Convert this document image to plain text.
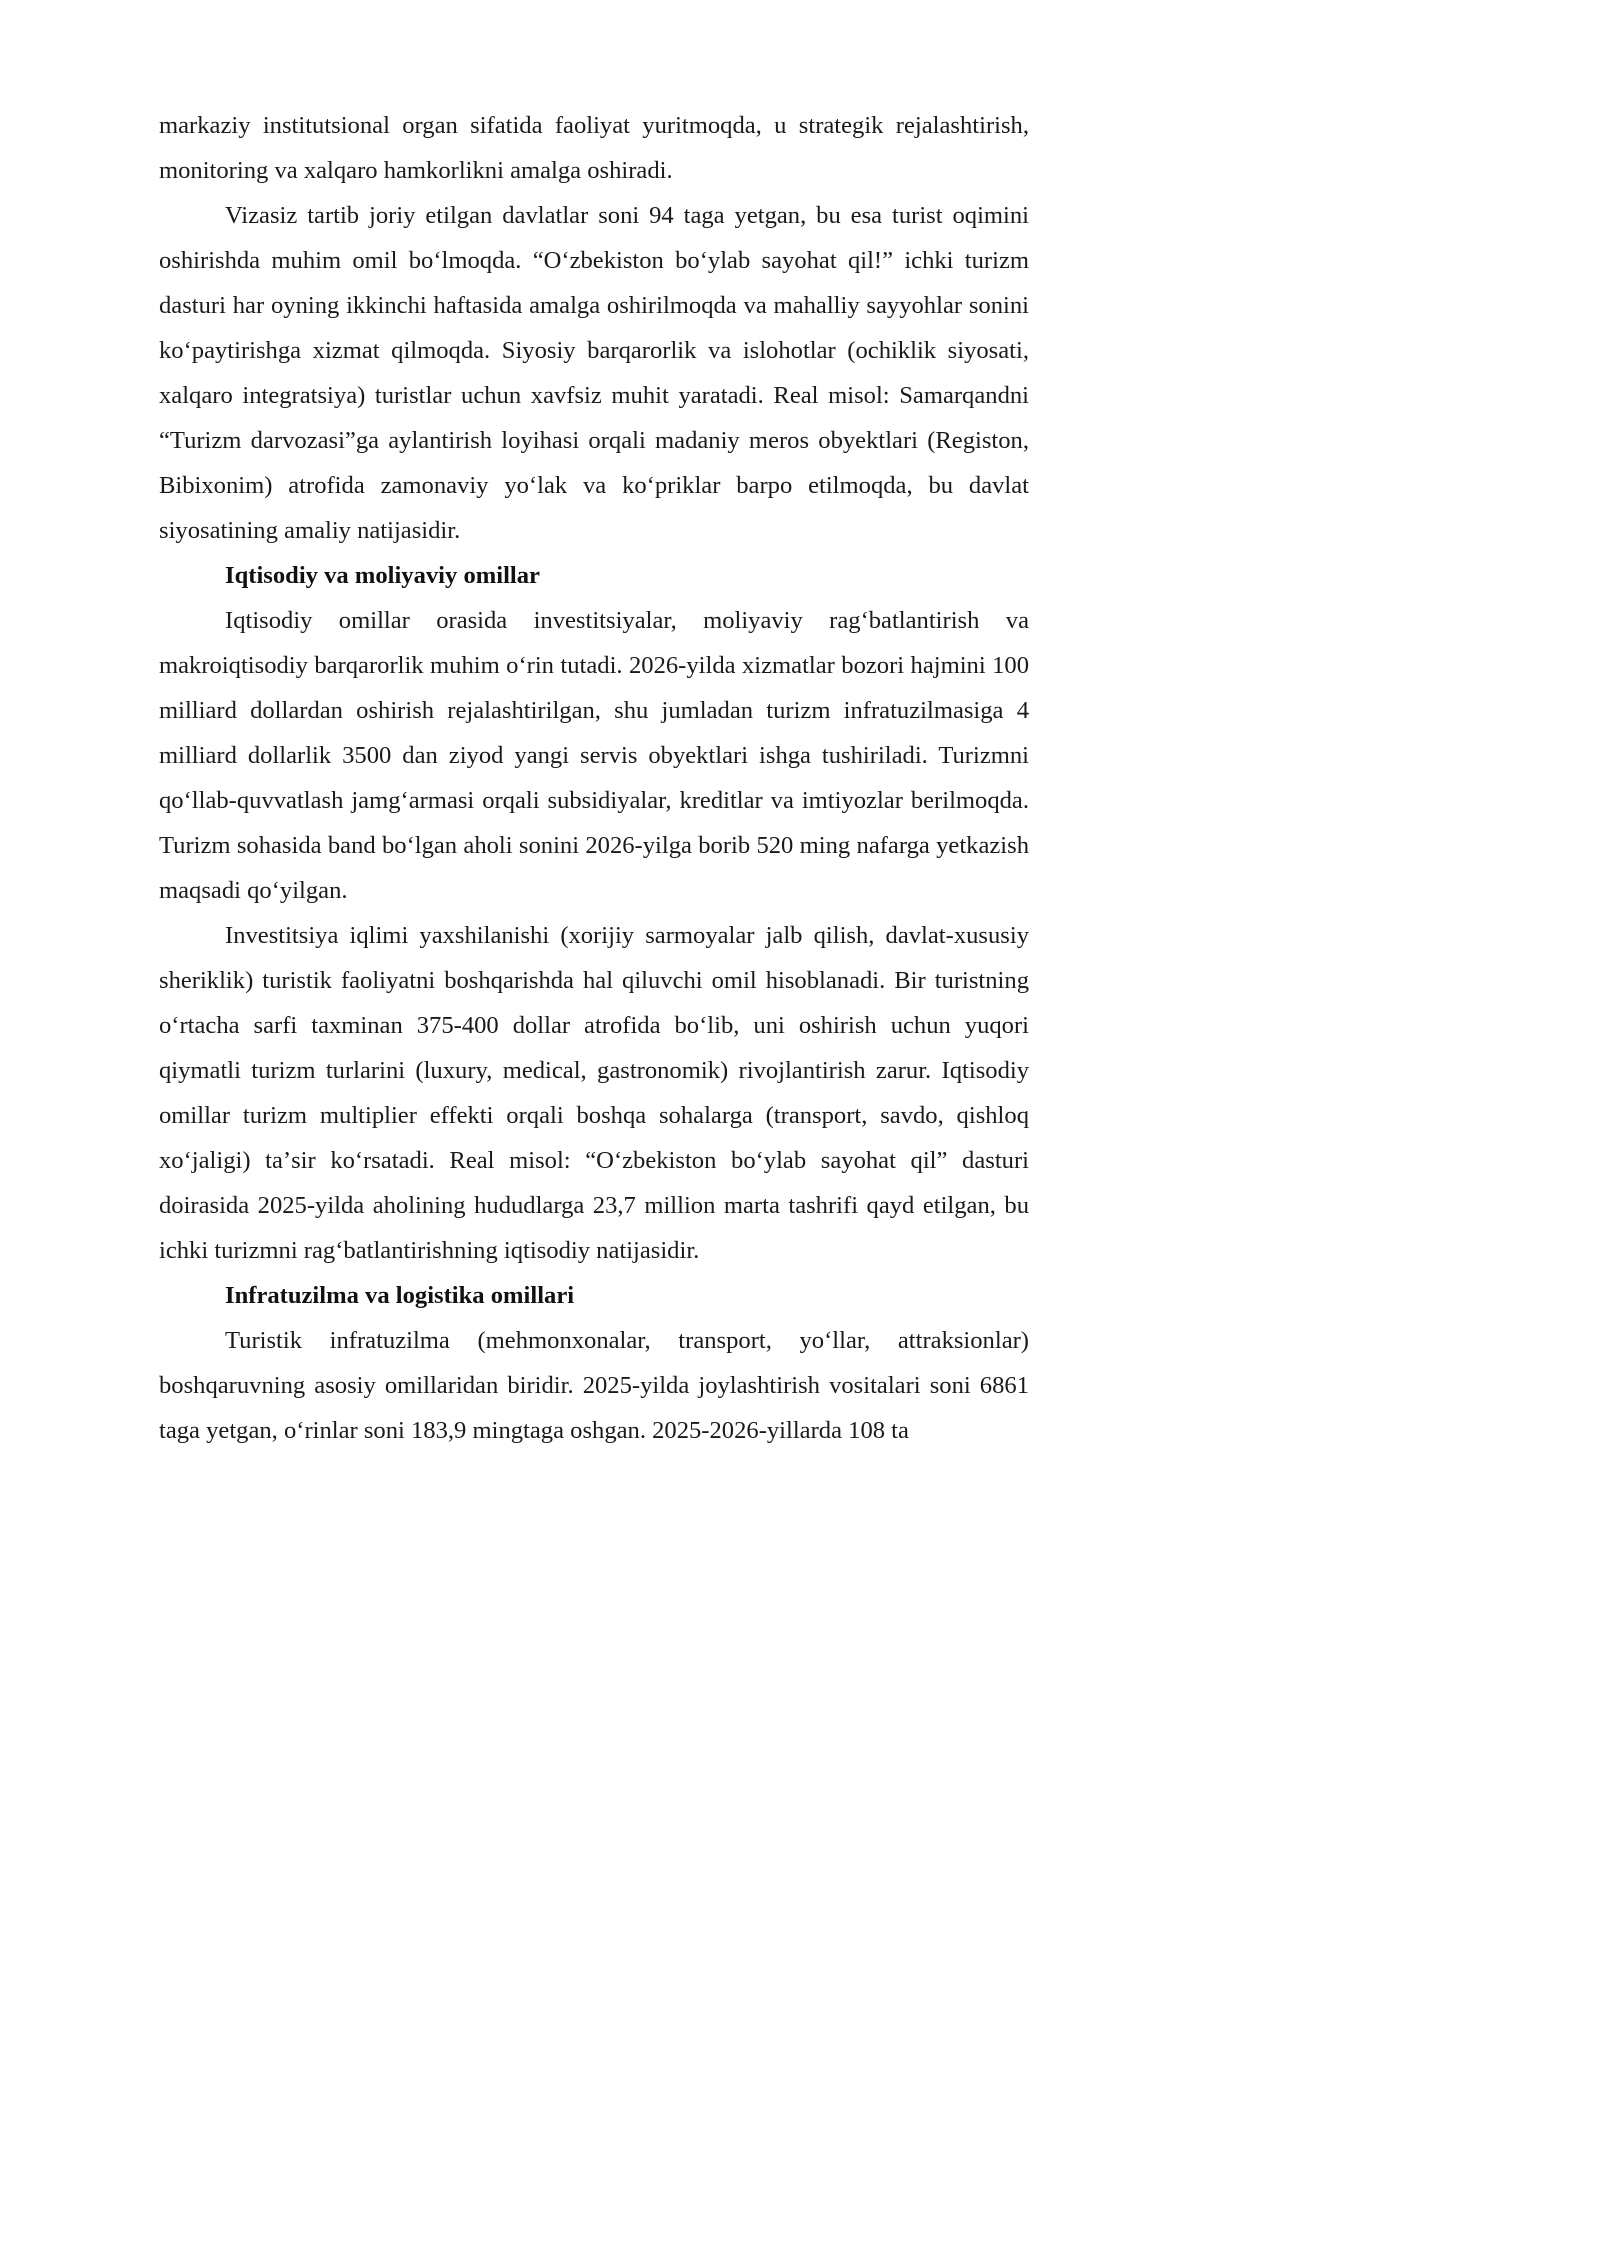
markaziy institutsional organ sifatida faoliyat yuritmoqda, u strategik rejalashtirish, monitoring va xalqaro hamkorlikni amalga oshiradi.

Vizasiz tartib joriy etilgan davlatlar soni 94 taga yetgan, bu esa turist oqimini oshirishda muhim omil boʻlmoqda. “Oʻzbekiston boʻylab sayohat qil!” ichki turizm dasturi har oyning ikkinchi haftasida amalga oshirilmoqda va mahalliy sayyohlar sonini koʻpaytirishga xizmat qilmoqda. Siyosiy barqarorlik va islohotlar (ochiklik siyosati, xalqaro integratsiya) turistlar uchun xavfsiz muhit yaratadi. Real misol: Samarqandni “Turizm darvozasi”ga aylantirish loyihasi orqali madaniy meros obyektlari (Registon, Bibixonim) atrofida zamonaviy yoʻlak va koʻpriklar barpo etilmoqda, bu davlat siyosatining amaliy natijasidir.

Iqtisodiy va moliyaviy omillar

Iqtisodiy omillar orasida investitsiyalar, moliyaviy ragʻbatlantirish va makroiqtisodiy barqarorlik muhim oʻrin tutadi. 2026-yilda xizmatlar bozori hajmini 100 milliard dollardan oshirish rejalashtirilgan, shu jumladan turizm infratuzilmasiga 4 milliard dollarlik 3500 dan ziyod yangi servis obyektlari ishga tushiriladi. Turizmni qoʻllab-quvvatlash jamgʻarmasi orqali subsidiyalar, kreditlar va imtiyozlar berilmoqda. Turizm sohasida band boʻlgan aholi sonini 2026-yilga borib 520 ming nafarga yetkazish maqsadi qoʻyilgan.

Investitsiya iqlimi yaxshilanishi (xorijiy sarmoyalar jalb qilish, davlat-xususiy sheriklik) turistik faoliyatni boshqarishda hal qiluvchi omil hisoblanadi. Bir turistning oʻrtacha sarfi taxminan 375-400 dollar atrofida boʻlib, uni oshirish uchun yuqori qiymatli turizm turlarini (luxury, medical, gastronomik) rivojlantirish zarur. Iqtisodiy omillar turizm multiplier effekti orqali boshqa sohalarga (transport, savdo, qishloq xoʻjaligi) taʼsir koʻrsatadi. Real misol: “Oʻzbekiston boʻylab sayohat qil” dasturi doirasida 2025-yilda aholining hududlarga 23,7 million marta tashrifi qayd etilgan, bu ichki turizmni ragʻbatlantirishning iqtisodiy natijasidir.

Infratuzilma va logistika omillari

Turistik infratuzilma (mehmonxonalar, transport, yoʻllar, attraksionlar) boshqaruvning asosiy omillaridan biridir. 2025-yilda joylashtirish vositalari soni 6861 taga yetgan, oʻrinlar soni 183,9 mingtaga oshgan. 2025-2026-yillarda 108 ta
